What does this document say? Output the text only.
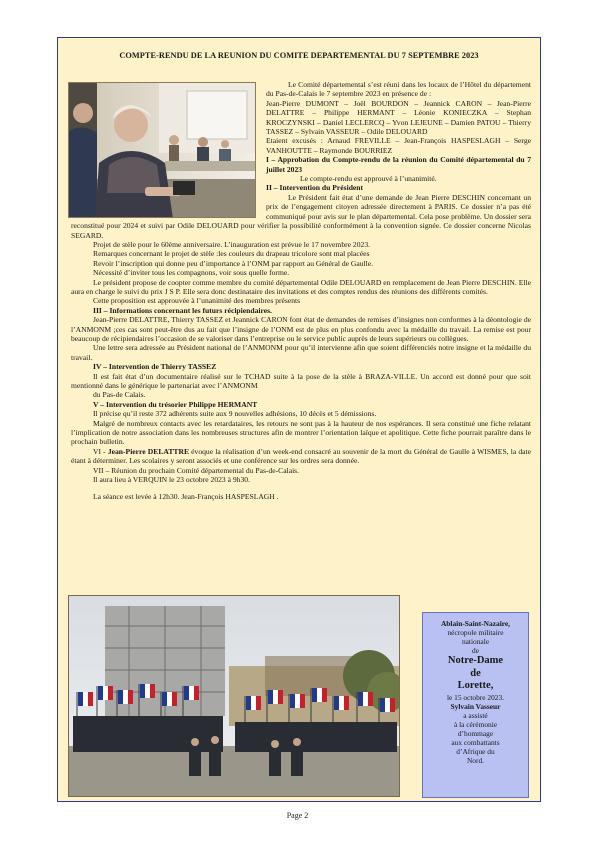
COMPTE-RENDU DE LA REUNION DU COMITE DEPARTEMENTAL DU 7 SEPTEMBRE 2023

Le Comité départemental s’est réuni dans les locaux de l’Hôtel du département du Pas-de-Calais le 7 septembre 2023 en présence de :

Jean-Pierre DUMONT – Joël BOURDON – Jeannick CARON – Jean-Pierre DELATTRE – Philippe HERMANT – Léonie KONIECZKA – Stephan KROCZYNSKI – Daniel LECLERCQ – Yvon LEJEUNE – Damien PATOU – Thierry TASSEZ – Sylvain VASSEUR – Odile DELOUARD

Etaient excusés : Arnaud FREVILLE – Jean-François HASPESLAGH – Serge VANHOUTTE – Raymonde BOURRIEZ

I – Approbation du Compte-rendu de la réunion du Comité départemental du 7 juillet 2023

Le compte-rendu est approuvé à l’unanimité.

II – Intervention du Président

Le Président fait état d’une demande de Jean Pierre DESCHIN concernant un prix de l’engagement citoyen adressée directement à PARIS. Ce dossier n’a pas été communiqué pour avis sur le plan départemental. Cela pose problème. Un dossier sera reconstitué pour 2024 et suivi par Odile DELOUARD pour vérifier la possibilité conformément à la convention signée. Ce dossier concerne Nicolas SEGARD.

Projet de stèle pour le 60ème anniversaire. L’inauguration est prévue le 17 novembre 2023.

Remarques concernant le projet de stèle :les couleurs du drapeau tricolore sont mal placées

Revoir l’inscription qui donne peu d’importance à l’ONM par rapport au Général de Gaulle.

Nécessité d’inviter tous les compagnons, voir sous quelle forme.

Le président propose de coopter comme membre du comité départemental Odile DELOUARD en remplacement de Jean Pierre DESCHIN. Elle aura en charge le suivi du prix J S P. Elle sera donc destinataire des invitations et des comptes rendus des réunions des différents comités.

Cette proposition est approuvée à l’unanimité des membres présents

III – Informations concernant les futurs récipiendaires.

Jean-Pierre DELATTRE, Thierry TASSEZ et Jeannick CARON font état de demandes de remises d’insignes non conformes à la déontologie de l’ANMONM ;ces cas sont peut-être dus au fait que l’insigne de l’ONM est de plus en plus confondu avec la médaille du travail. La remise est pour beaucoup de récipiendaires l’occasion de se valoriser dans l’entreprise ou le service public auprès de leurs supérieurs ou collègues.

Une lettre sera adressée au Président national de l’ANMONM pour qu’il intervienne afin que soient différenciés notre insigne et la médaille du travail.

IV – Intervention de Thierry TASSEZ

Il est fait état d’un documentaire réalisé sur le TCHAD suite à la pose de la stèle à BRAZA-VILLE. Un accord est donné pour que soit mentionné dans le générique le partenariat avec l’ANMONM

du Pas-de Calais.

V – Intervention du trésorier Philippe HERMANT

Il précise qu’il reste 372 adhérents suite aux 9 nouvelles adhésions, 10 décès et 5 démissions.

Malgré de nombreux contacts avec les retardataires, les retours ne sont pas à la hauteur de nos espérances. Il sera constitué une fiche relatant l’implication de notre association dans les nombreuses structures afin de montrer l’orientation laïque et apolitique. Cette fiche pourrait paraître dans le prochain bulletin.

VI - Jean-Pierre DELATTRE évoque la réalisation d’un week-end consacré au souvenir de la mort du Général de Gaulle à WISMES, la date étant à déterminer. Les scolaires y seront associés et une conférence sur les ordres sera donnée.

VII – Réunion du prochain Comité départemental du Pas-de-Calais.

Il aura lieu à VERQUIN le 23 octobre 2023 à 9h30.

La séance est levée à 12h30. Jean-François HASPESLAGH .

Ablain-Saint-Nazaire,
nécropole militaire
nationale
de
Notre-Dame
de
Lorette,
le 15 octobre 2023.
Sylvain Vasseur
a assisté
à la cérémonie
d’hommage
aux combattants
d’Afrique du
Nord.
Page 2
